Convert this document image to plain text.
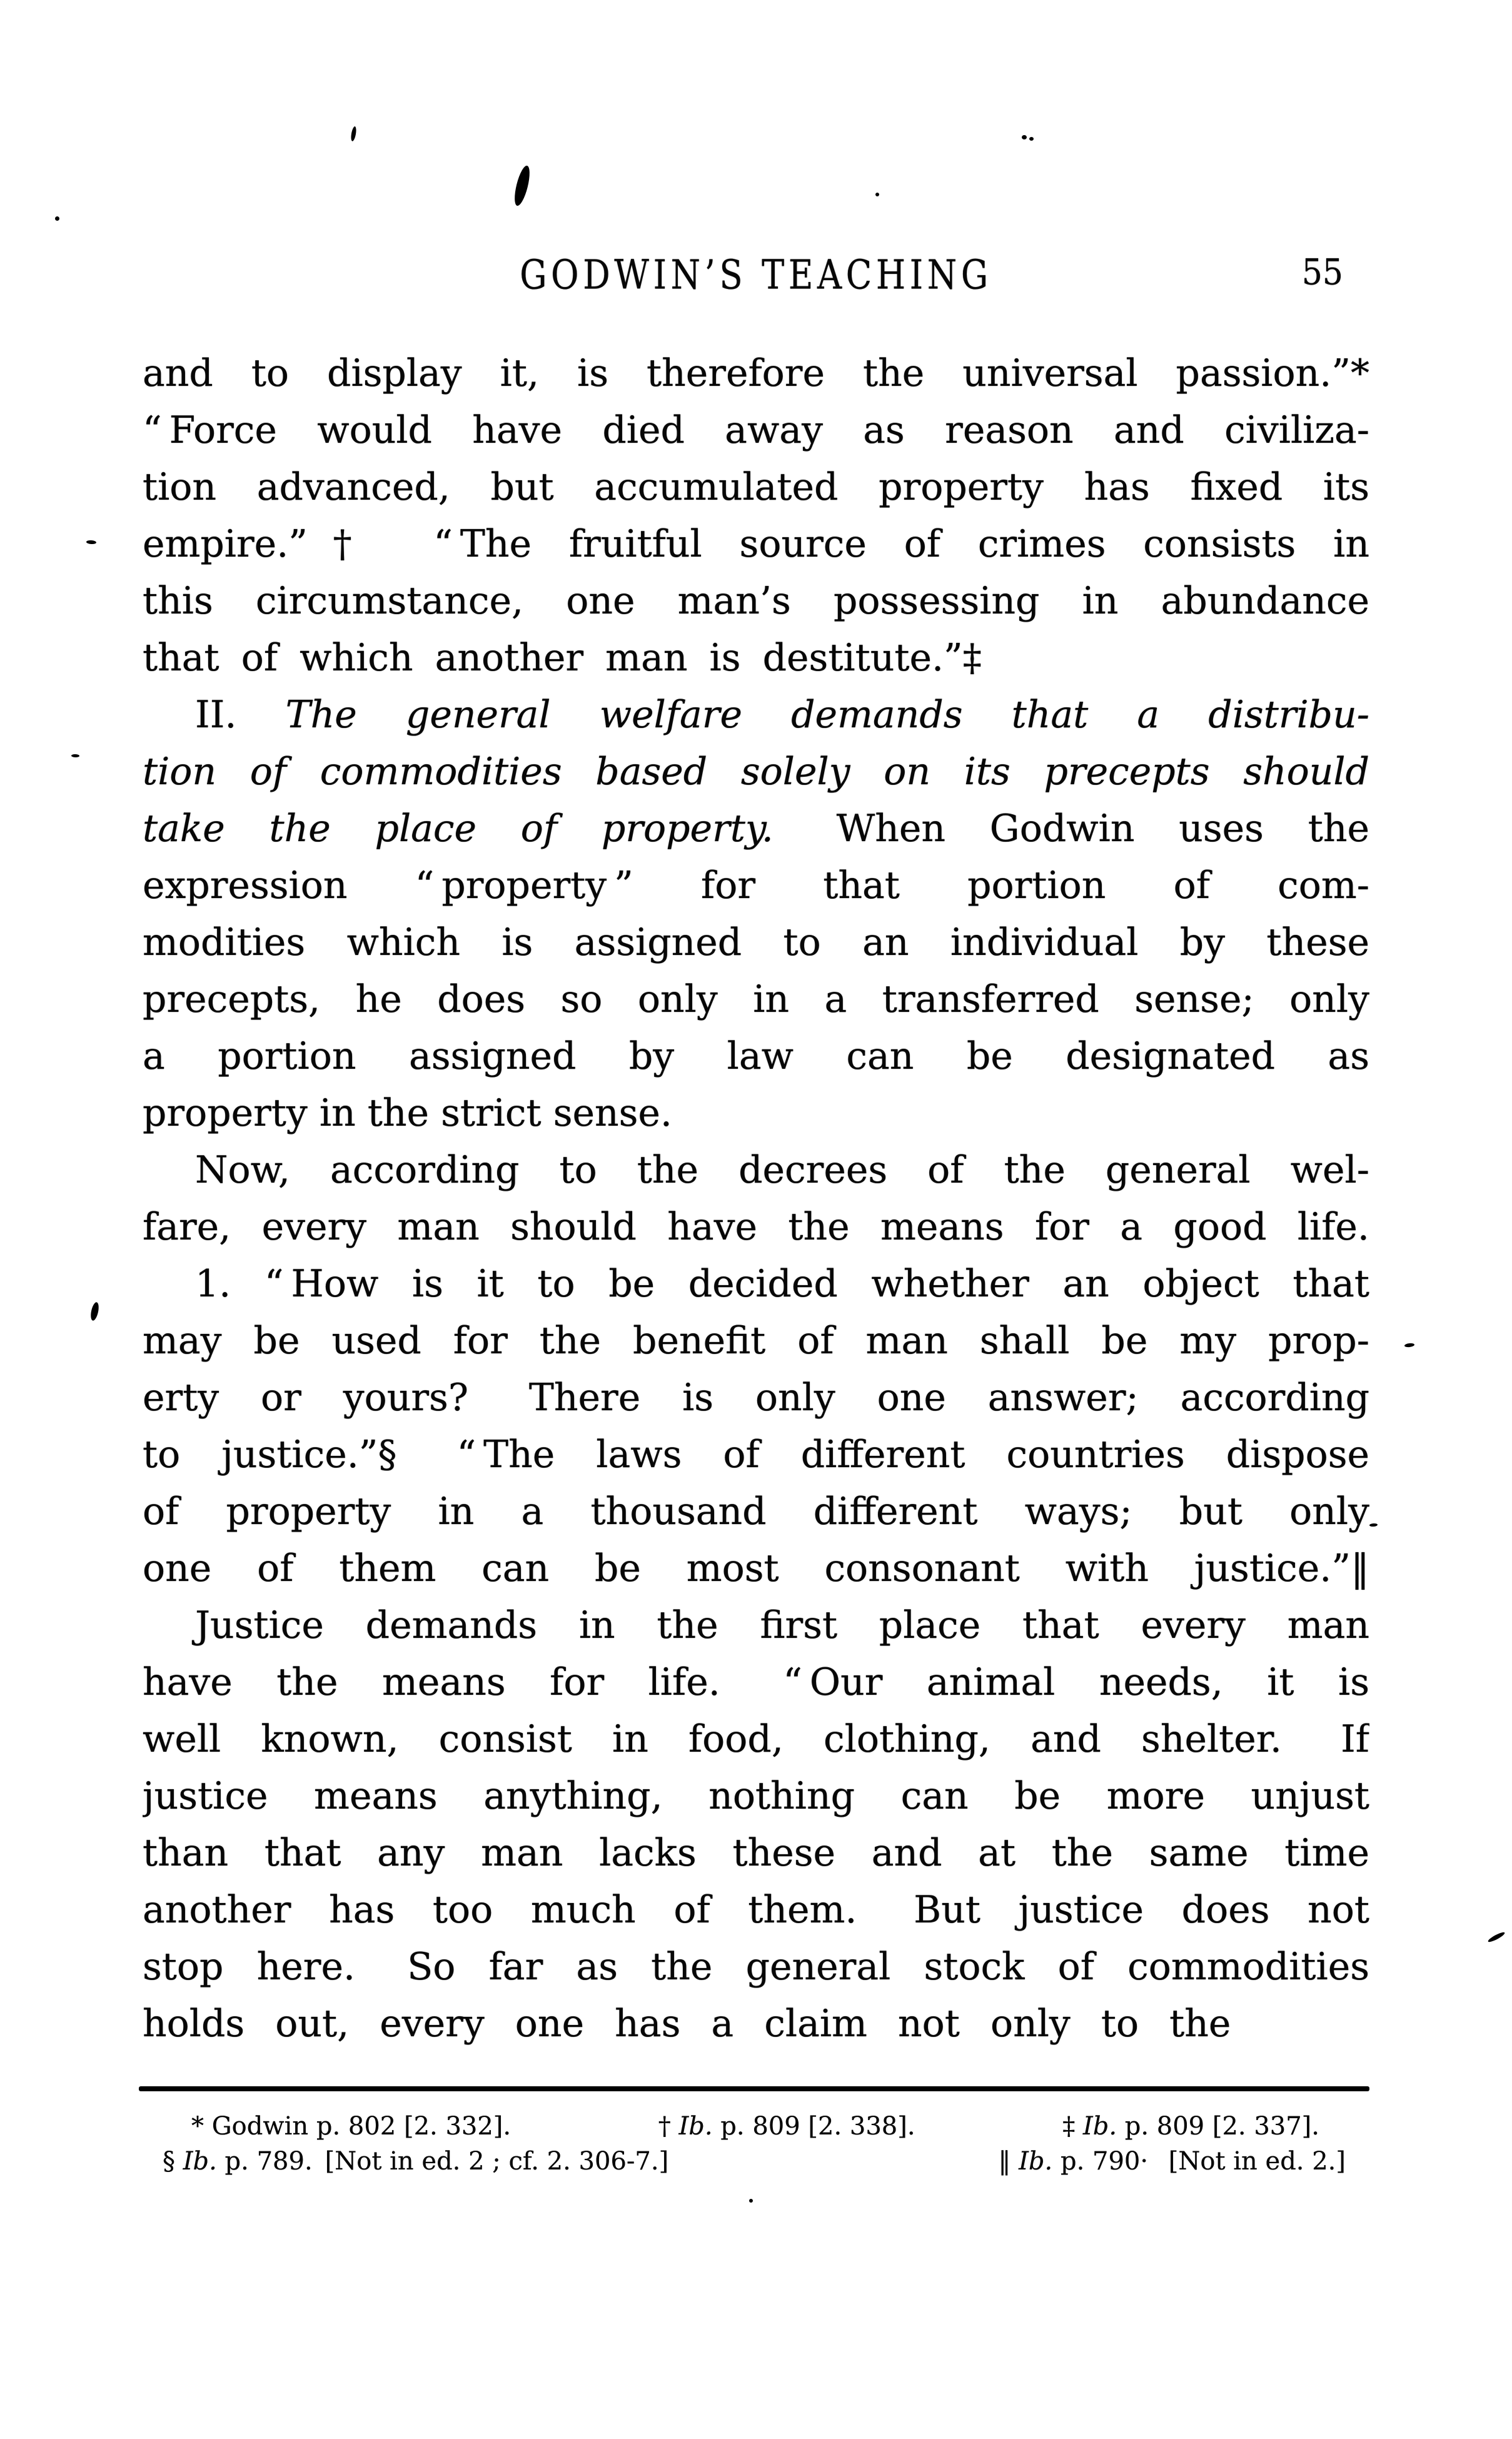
GODWIN’S TEACHING	55
and to display it, is therefore the universal passion.”*
“ Force would have died away as reason and civiliza-
tion advanced, but accumulated property has fixed its
empire.”†  “ The fruitful source of crimes consists in
this circumstance, one man’s possessing in abundance
that of which another man is destitute.”‡
II. The general welfare demands that a distribu-
tion of commodities based solely on its precepts should
take the place of property.  When Godwin uses the
expression “ property ” for that portion of com-
modities which is assigned to an individual by these
precepts, he does so only in a transferred sense; only
a portion assigned by law can be designated as
property in the strict sense.
Now, according to the decrees of the general wel-
fare, every man should have the means for a good life.
1. “ How is it to be decided whether an object that
may be used for the benefit of man shall be my prop-
erty or yours?  There is only one answer; according
to justice.”§  “ The laws of different countries dispose
of property in a thousand different ways; but only
one of them can be most consonant with justice.”‖
Justice demands in the first place that every man
have the means for life.  “ Our animal needs, it is
well known, consist in food, clothing, and shelter.  If
justice means anything, nothing can be more unjust
than that any man lacks these and at the same time
another has too much of them.  But justice does not
stop here.  So far as the general stock of commodities
holds out, every one has a claim not only to the
* Godwin p. 802 [2. 332].	† Ib. p. 809 [2. 338].	‡ Ib. p. 809 [2. 337].
§ Ib. p. 789. [Not in ed. 2 ; cf. 2. 306-7.]	‖ Ib. p. 790·  [Not in ed. 2.]
